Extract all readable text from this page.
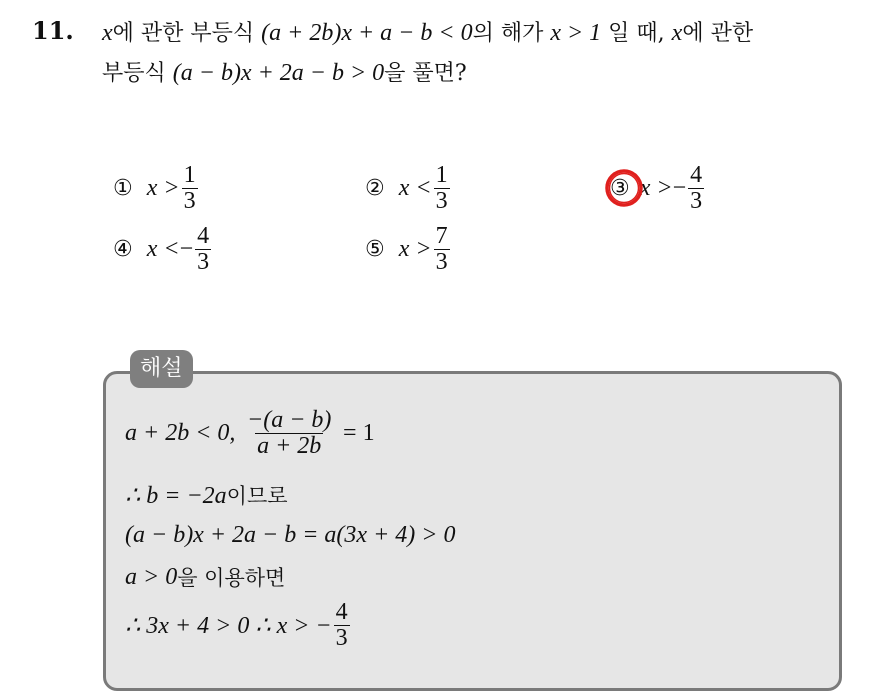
11. x에 관한 부등식 (a + 2b)x + a − b < 0의 해가 x > 1 일 때, x에 관한
부등식 (a − b)x + 2a − b > 0을 풀면?
① $x > \frac{1}{3}$	② $x < \frac{1}{3}$	③ x > − $\frac{4}{3}$
④ x < − $\frac{4}{3}$	⑤ $x > \frac{7}{3}$
해설
a + 2b < 0,
$\frac{-(a - b)}{a + 2b}$
= 1
∴ b = −2a 이므로
(a − b)x + 2a − b = a(3x + 4) > 0
a > 0 을 이용하면
∴ 3x + 4 > 0 ∴ x > − $\frac{4}{3}$
